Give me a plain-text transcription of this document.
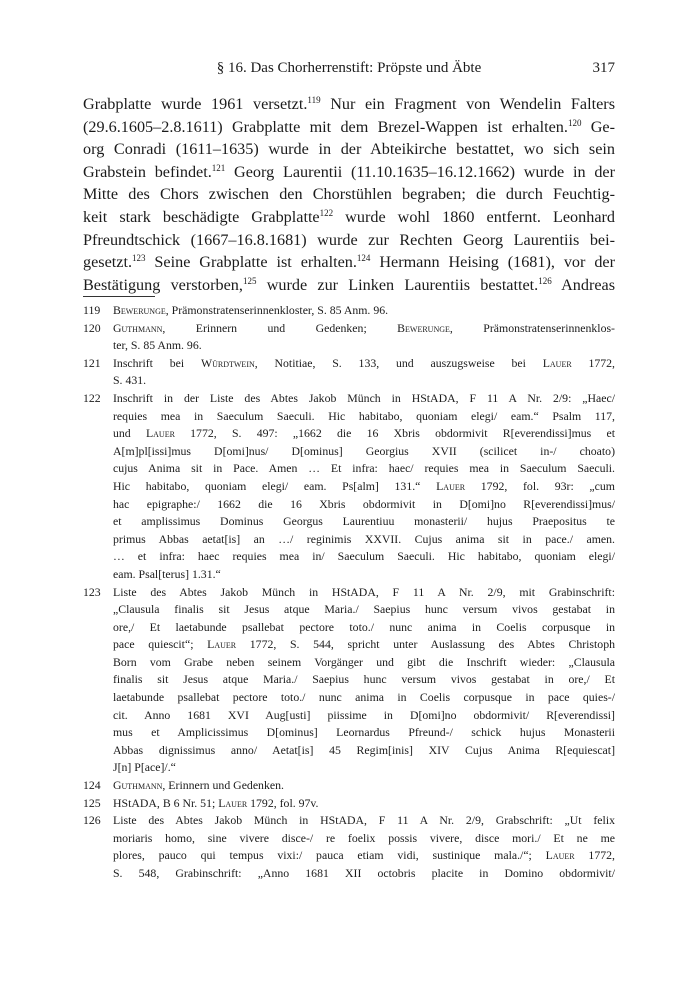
§ 16. Das Chorherrenstift: Pröpste und Äbte	317
Grabplatte wurde 1961 versetzt.$^{119}$ Nur ein Fragment von Wendelin Falters
(29.6.1605–2.8.1611) Grabplatte mit dem Brezel-Wappen ist erhalten.$^{120}$ Ge-
org Conradi (1611–1635) wurde in der Abteikirche bestattet, wo sich sein
Grabstein befindet.$^{121}$ Georg Laurentii (11.10.1635–16.12.1662) wurde in der
Mitte des Chors zwischen den Chorstühlen begraben; die durch Feuchtig-
keit stark beschädigte Grabplatte$^{122}$ wurde wohl 1860 entfernt. Leonhard
Pfreundtschick (1667–16.8.1681) wurde zur Rechten Georg Laurentiis bei-
gesetzt.$^{123}$ Seine Grabplatte ist erhalten.$^{124}$ Hermann Heising (1681), vor der
Bestätigung verstorben,$^{125}$ wurde zur Linken Laurentiis bestattet.$^{126}$ Andreas
119 Bewerunge, Prämonstratenserinnenkloster, S. 85 Anm. 96.
120 Guthmann, Erinnern und Gedenken; Bewerunge, Prämonstratenserinnenklos-
ter, S. 85 Anm. 96.
121 Inschrift bei Würdtwein, Notitiae, S. 133, und auszugsweise bei Lauer 1772,
S. 431.
122 Inschrift in der Liste des Abtes Jakob Münch in HStADA, F 11 A Nr. 2/9: „Haec/
requies mea in Saeculum Saeculi. Hic habitabo, quoniam elegi/ eam.“ Psalm 117,
und Lauer 1772, S. 497: „1662 die 16 Xbris obdormivit R[everendissi]mus et
A[m]pl[issi]mus D[omi]nus/ D[ominus] Georgius XVII (scilicet in-/ choato)
cujus Anima sit in Pace. Amen … Et infra: haec/ requies mea in Saeculum Saeculi.
Hic habitabo, quoniam elegi/ eam. Ps[alm] 131.“ Lauer 1792, fol. 93r: „cum
hac epigraphe:/ 1662 die 16 Xbris obdormivit in D[omi]no R[everendissi]mus/
et amplissimus Dominus Georgus Laurentiuu monasterii/ hujus Praepositus te
primus Abbas aetat[is] an …/ reginimis XXVII. Cujus anima sit in pace./ amen.
… et infra: haec requies mea in/ Saeculum Saeculi. Hic habitabo, quoniam elegi/
eam. Psal[terus] 1.31.“
123 Liste des Abtes Jakob Münch in HStADA, F 11 A Nr. 2/9, mit Grabinschrift:
„Clausula finalis sit Jesus atque Maria./ Saepius hunc versum vivos gestabat in
ore,/ Et laetabunde psallebat pectore toto./ nunc anima in Coelis corpusque in
pace quiescit“; Lauer 1772, S. 544, spricht unter Auslassung des Abtes Christoph
Born vom Grabe neben seinem Vorgänger und gibt die Inschrift wieder: „Clausula
finalis sit Jesus atque Maria./ Saepius hunc versum vivos gestabat in ore,/ Et
laetabunde psallebat pectore toto./ nunc anima in Coelis corpusque in pace quies-/
cit. Anno 1681 XVI Aug[usti] piissime in D[omi]no obdormivit/ R[everendissi]
mus et Amplicissimus D[ominus] Leornardus Pfreund-/ schick hujus Monasterii
Abbas dignissimus anno/ Aetat[is] 45 Regim[inis] XIV Cujus Anima R[equiescat]
J[n] P[ace]/.“
124 Guthmann, Erinnern und Gedenken.
125 HStADA, B 6 Nr. 51; Lauer 1792, fol. 97v.
126 Liste des Abtes Jakob Münch in HStADA, F 11 A Nr. 2/9, Grabschrift: „Ut felix
moriaris homo, sine vivere disce-/ re foelix possis vivere, disce mori./ Et ne me
plores, pauco qui tempus vixi:/ pauca etiam vidi, sustinique mala./“; Lauer 1772,
S. 548, Grabinschrift: „Anno 1681 XII octobris placite in Domino obdormivit/
